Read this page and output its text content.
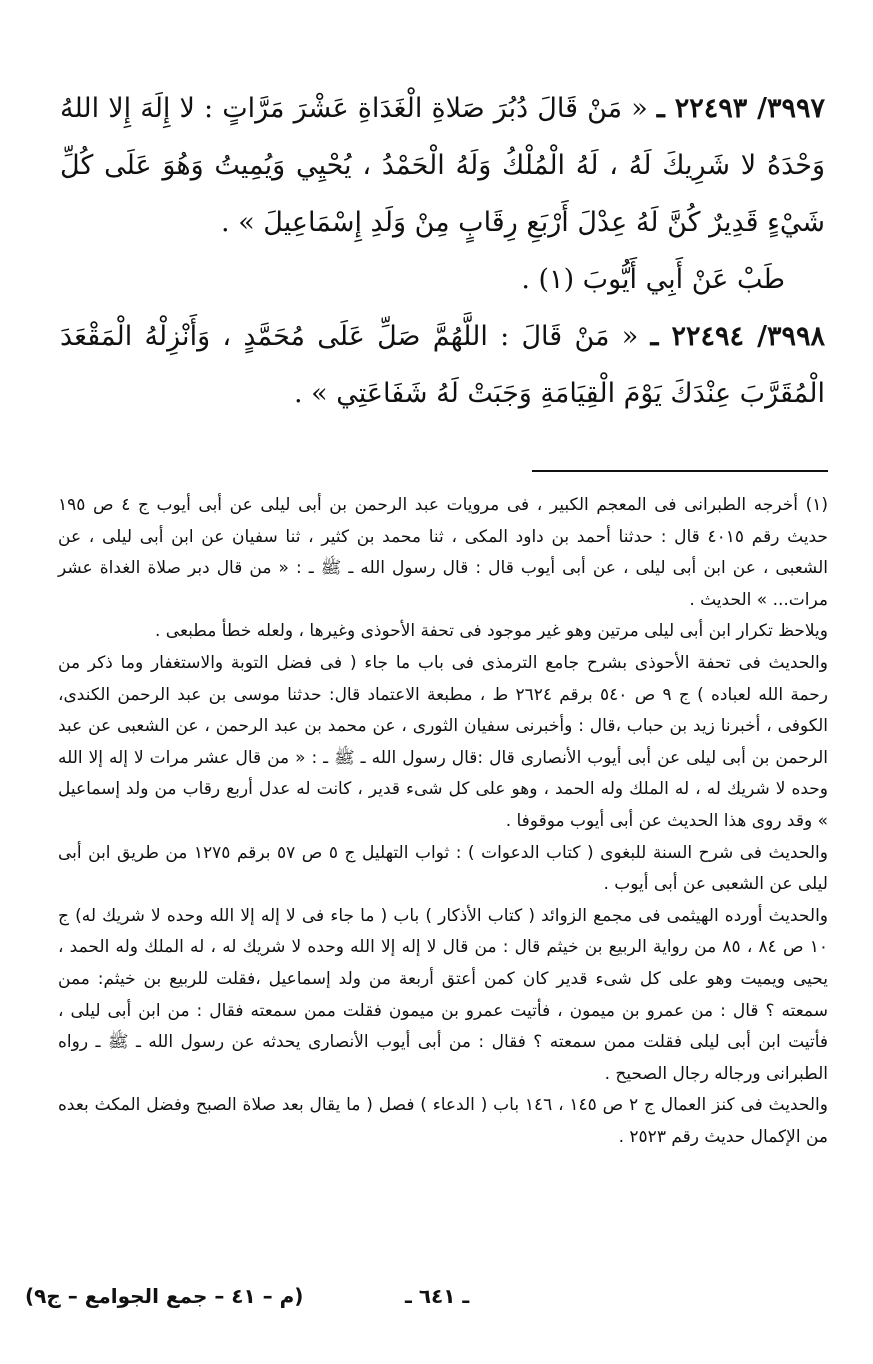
٣٩٩٧/ ٢٢٤٩٣ ـ « مَنْ قَالَ دُبُرَ صَلاةِ الْغَدَاةِ عَشْرَ مَرَّاتٍ : لا إِلَهَ إِلا اللهُ وَحْدَهُ لا شَرِيكَ لَهُ ، لَهُ الْمُلْكُ وَلَهُ الْحَمْدُ ، يُحْيِي وَيُمِيتُ وَهُوَ عَلَى كُلِّ شَيْءٍ قَدِيرٌ كُنَّ لَهُ عِدْلَ أَرْبَعِ رِقَابٍ مِنْ وَلَدِ إِسْمَاعِيلَ » .

طَبْ عَنْ أَبِي أَيُّوبَ (١) .

٣٩٩٨/ ٢٢٤٩٤ ـ « مَنْ قَالَ : اللَّهُمَّ صَلِّ عَلَى مُحَمَّدٍ ، وَأَنْزِلْهُ الْمَقْعَدَ الْمُقَرَّبَ عِنْدَكَ يَوْمَ الْقِيَامَةِ وَجَبَتْ لَهُ شَفَاعَتِي » .

(١) أخرجه الطبرانى فى المعجم الكبير ، فى مرويات عبد الرحمن بن أبى ليلى عن أبى أيوب ج ٤ ص ١٩٥ حديث رقم ٤٠١٥ قال : حدثنا أحمد بن داود المكى ، ثنا محمد بن كثير ، ثنا سفيان عن ابن أبى ليلى ، عن الشعبى ، عن ابن أبى ليلى ، عن أبى أيوب قال : قال رسول الله ـ ﷺ ـ : « من قال دبر صلاة الغداة عشر مرات... » الحديث .

ويلاحظ تكرار ابن أبى ليلى مرتين وهو غير موجود فى تحفة الأحوذى وغيرها ، ولعله خطأ مطبعى .

والحديث فى تحفة الأحوذى بشرح جامع الترمذى فى باب ما جاء ( فى فضل التوبة والاستغفار وما ذكر من رحمة الله لعباده ) ج ٩ ص ٥٤٠ برقم ٢٦٢٤ ط ، مطبعة الاعتماد قال: حدثنا موسى بن عبد الرحمن الكندى، الكوفى ، أخبرنا زيد بن حباب ،قال : وأخبرنى سفيان الثورى ، عن محمد بن عبد الرحمن ، عن الشعبى عن عبد الرحمن بن أبى ليلى عن أبى أيوب الأنصارى قال :قال رسول الله ـ ﷺ ـ : « من قال عشر مرات لا إله إلا الله وحده لا شريك له ، له الملك وله الحمد ، وهو على كل شىء قدير ، كانت له عدل أربع رقاب من ولد إسماعيل » وقد روى هذا الحديث عن أبى أيوب موقوفا .

والحديث فى شرح السنة للبغوى ( كتاب الدعوات ) : ثواب التهليل ج ٥ ص ٥٧ برقم ١٢٧٥ من طريق ابن أبى ليلى عن الشعبى عن أبى أيوب .

والحديث أورده الهيثمى فى مجمع الزوائد ( كتاب الأذكار ) باب ( ما جاء فى لا إله إلا الله وحده لا شريك له) ج ١٠ ص ٨٤ ، ٨٥ من رواية الربيع بن خيثم قال : من قال لا إله إلا الله وحده لا شريك له ، له الملك وله الحمد ، يحيى ويميت وهو على كل شىء قدير كان كمن أعتق أربعة من ولد إسماعيل ،فقلت للربيع بن خيثم: ممن سمعته ؟ قال : من عمرو بن ميمون ، فأتيت عمرو بن ميمون فقلت ممن سمعته فقال : من ابن أبى ليلى ، فأتيت ابن أبى ليلى فقلت ممن سمعته ؟ فقال : من أبى أيوب الأنصارى يحدثه عن رسول الله ـ ﷺ ـ رواه الطبرانى ورجاله رجال الصحيح .

والحديث فى كنز العمال ج ٢ ص ١٤٥ ، ١٤٦ باب ( الدعاء ) فصل ( ما يقال بعد صلاة الصبح وفضل المكث بعده من الإكمال حديث رقم ٢٥٢٣ .

(م – ٤١ – جمع الجوامع – ج٩)	ـ ٦٤١ ـ
